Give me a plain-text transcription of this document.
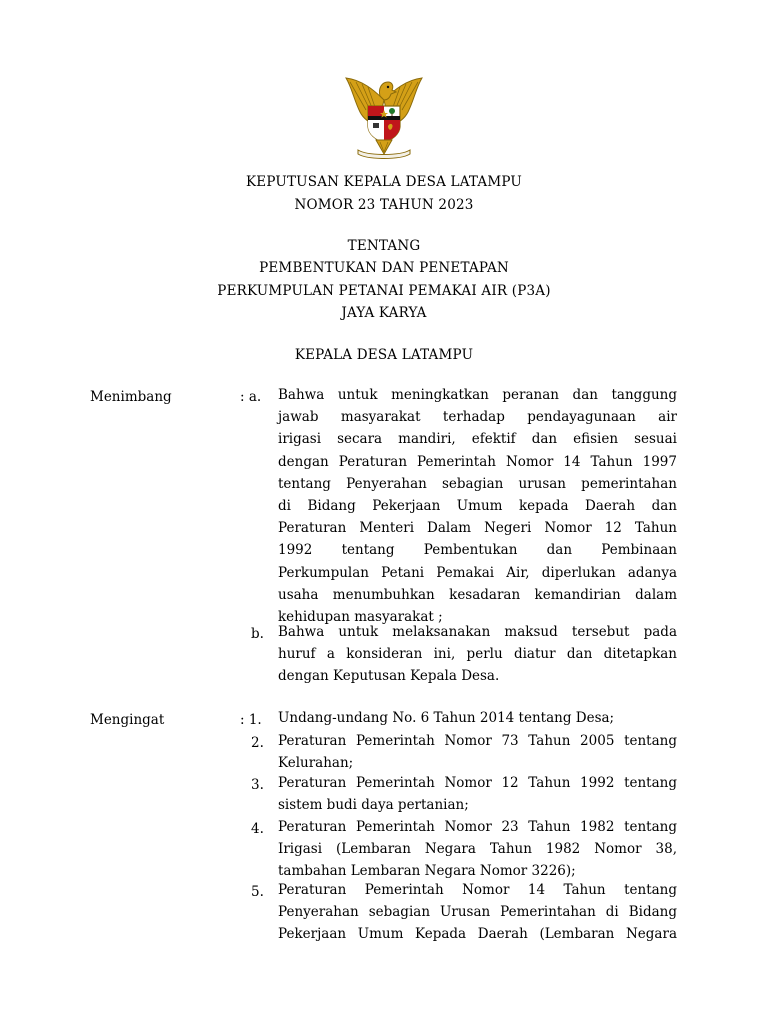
KEPUTUSAN KEPALA DESA LATAMPU
NOMOR 23 TAHUN 2023
TENTANG
PEMBENTUKAN DAN PENETAPAN
PERKUMPULAN PETANAI PEMAKAI AIR (P3A)
JAYA KARYA
KEPALA DESA LATAMPU
Menimbang	: a. Bahwa untuk meningkatkan peranan dan tanggung
jawab masyarakat terhadap pendayagunaan air
irigasi secara mandiri, efektif dan efisien sesuai
dengan Peraturan Pemerintah Nomor 14 Tahun 1997
tentang Penyerahan sebagian urusan pemerintahan
di Bidang Pekerjaan Umum kepada Daerah dan
Peraturan Menteri Dalam Negeri Nomor 12 Tahun
1992 tentang Pembentukan dan Pembinaan
Perkumpulan Petani Pemakai Air, diperlukan adanya
usaha menumbuhkan kesadaran kemandirian dalam
kehidupan masyarakat ;
b. Bahwa untuk melaksanakan maksud tersebut pada
huruf a konsideran ini, perlu diatur dan ditetapkan
dengan Keputusan Kepala Desa.
Mengingat	: 1. Undang-undang No. 6 Tahun 2014 tentang Desa;
2. Peraturan Pemerintah Nomor 73 Tahun 2005 tentang
Kelurahan;
3. Peraturan Pemerintah Nomor 12 Tahun 1992 tentang
sistem budi daya pertanian;
4. Peraturan Pemerintah Nomor 23 Tahun 1982 tentang
Irigasi (Lembaran Negara Tahun 1982 Nomor 38,
tambahan Lembaran Negara Nomor 3226);
5. Peraturan Pemerintah Nomor 14 Tahun tentang
Penyerahan sebagian Urusan Pemerintahan di Bidang
Pekerjaan Umum Kepada Daerah (Lembaran Negara
